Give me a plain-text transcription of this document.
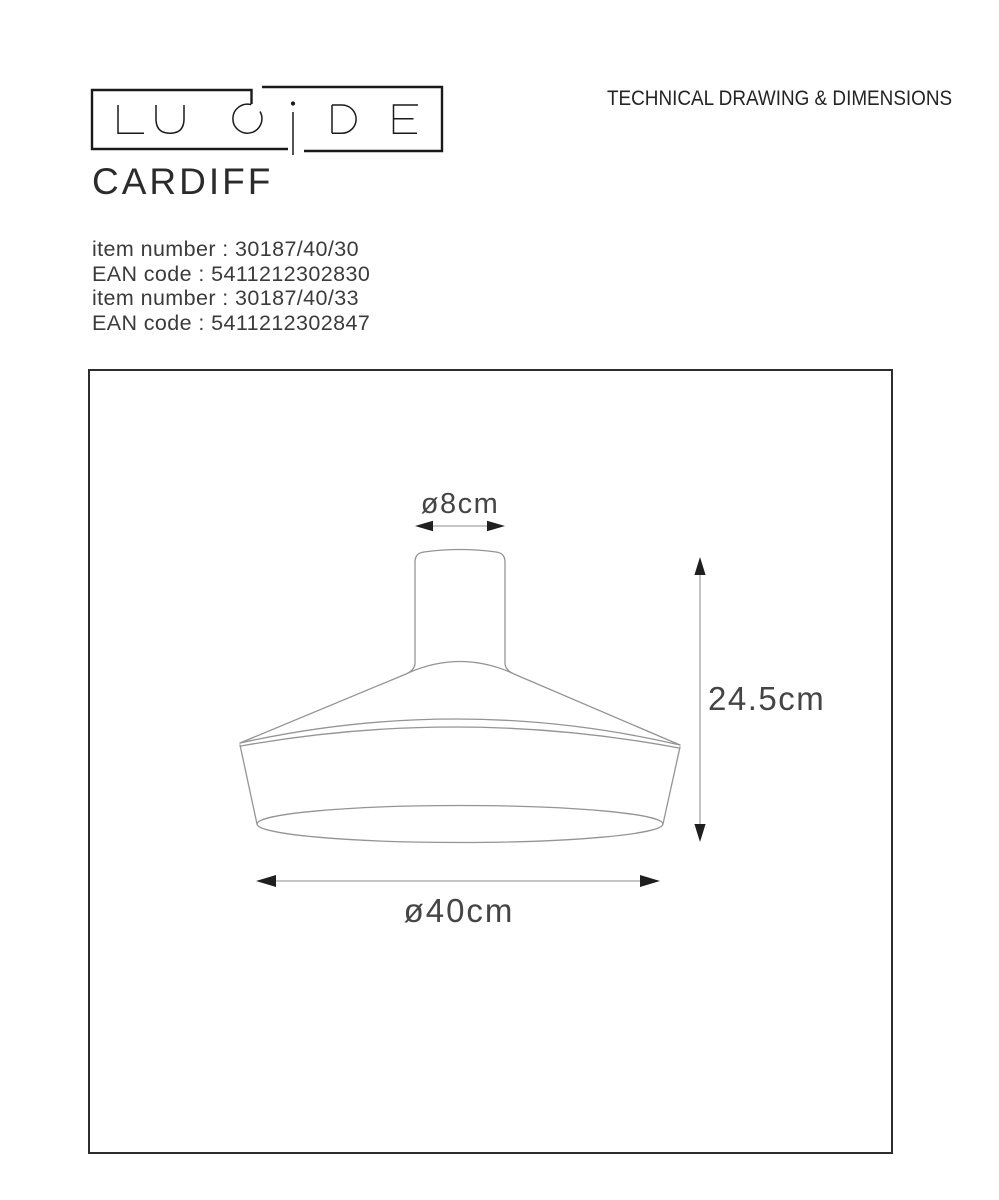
TECHNICAL DRAWING & DIMENSIONS
CARDIFF
item number : 30187/40/30
EAN code : 5411212302830
item number : 30187/40/33
EAN code : 5411212302847
ø8cm
24.5cm
ø40cm
